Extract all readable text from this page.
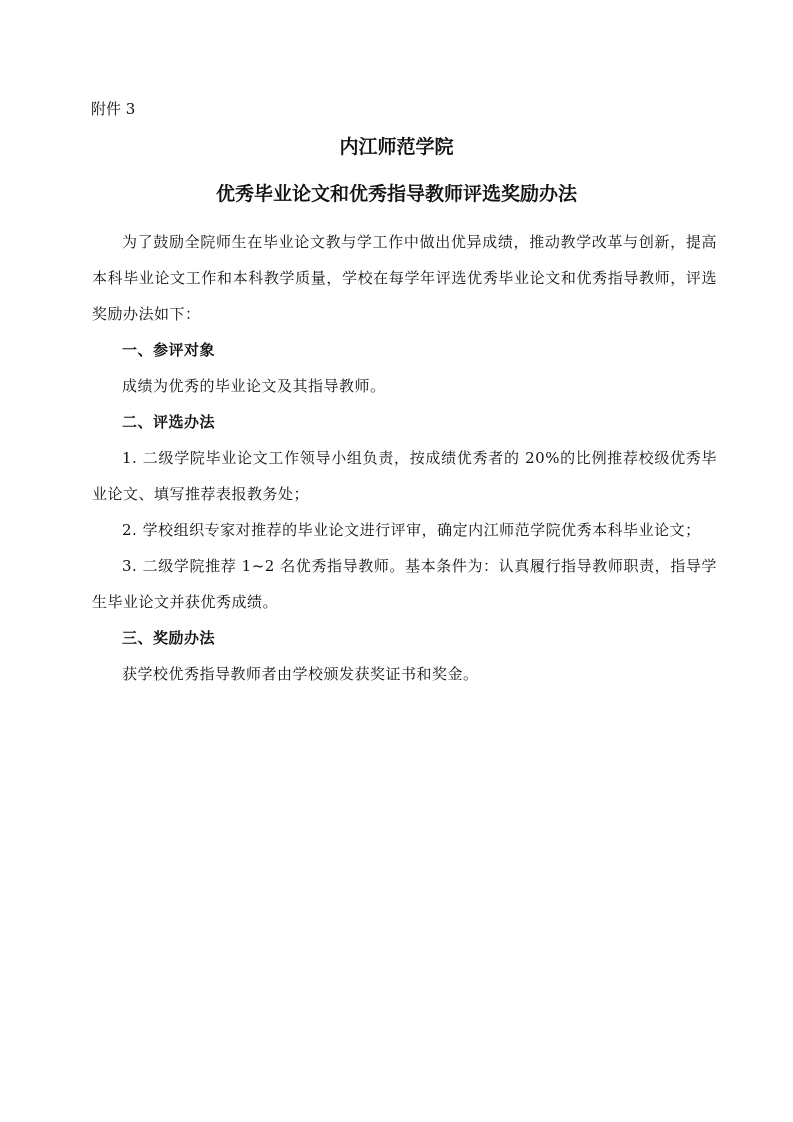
附件 3
内江师范学院
优秀毕业论文和优秀指导教师评选奖励办法

为了鼓励全院师生在毕业论文教与学工作中做出优异成绩，推动教学改革与创新，提高本科毕业论文工作和本科教学质量，学校在每学年评选优秀毕业论文和优秀指导教师，评选奖励办法如下：

一、参评对象

成绩为优秀的毕业论文及其指导教师。

二、评选办法

1. 二级学院毕业论文工作领导小组负责，按成绩优秀者的 20%的比例推荐校级优秀毕业论文、填写推荐表报教务处；

2. 学校组织专家对推荐的毕业论文进行评审，确定内江师范学院优秀本科毕业论文；

3. 二级学院推荐 1~2 名优秀指导教师。基本条件为：认真履行指导教师职责，指导学生毕业论文并获优秀成绩。

三、奖励办法

获学校优秀指导教师者由学校颁发获奖证书和奖金。
